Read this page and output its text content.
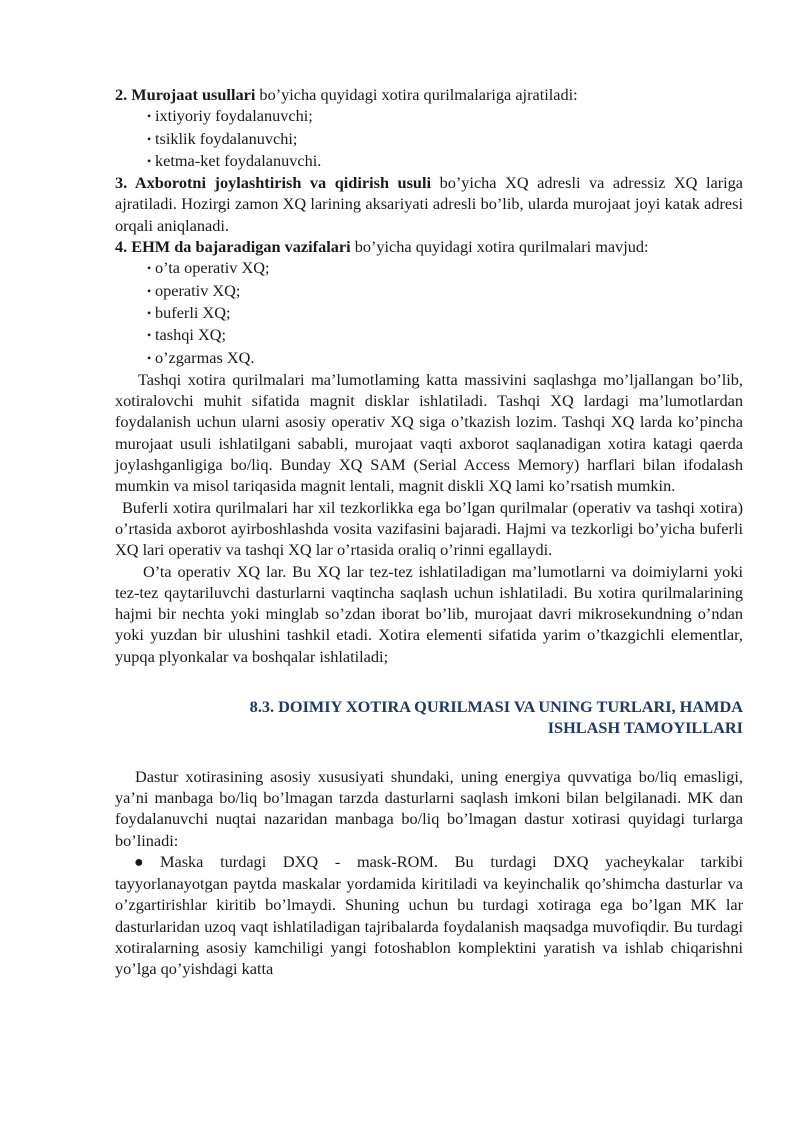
2. Murojaat usullari bo’yicha quyidagi xotira qurilmalariga ajratiladi:

• ixtiyoriy foydalanuvchi;
• tsiklik foydalanuvchi;
• ketma-ket foydalanuvchi.

3. Axborotni joylashtirish va qidirish usuli bo’yicha XQ adresli va adressiz XQ lariga ajratiladi. Hozirgi zamon XQ larining aksariyati adresli bo’lib, ularda murojaat joyi katak adresi orqali aniqlanadi.

4. EHM da bajaradigan vazifalari bo’yicha quyidagi xotira qurilmalari mavjud:

• o’ta operativ XQ;
• operativ XQ;
• buferli XQ;
• tashqi XQ;
• o’zgarmas XQ.

Tashqi xotira qurilmalari ma’lumotlaming katta massivini saqlashga mo’ljallangan bo’lib, xotiralovchi muhit sifatida magnit disklar ishlatiladi. Tashqi XQ lardagi ma’lumotlardan foydalanish uchun ularni asosiy operativ XQ siga o’tkazish lozim. Tashqi XQ larda ko’pincha murojaat usuli ishlatilgani sababli, murojaat vaqti axborot saqlanadigan xotira katagi qaerda joylashganligiga bo/liq. Bunday XQ SAM (Serial Access Memory) harflari bilan ifodalash mumkin va misol tariqasida magnit lentali, magnit diskli XQ lami ko’rsatish mumkin.

Buferli xotira qurilmalari har xil tezkorlikka ega bo’lgan qurilmalar (operativ va tashqi xotira) o’rtasida axborot ayirboshlashda vosita vazifasini bajaradi. Hajmi va tezkorligi bo’yicha buferli XQ lari operativ va tashqi XQ lar o’rtasida oraliq o’rinni egallaydi.

O’ta operativ XQ lar. Bu XQ lar tez-tez ishlatiladigan ma’lumotlarni va doimiylarni yoki tez-tez qaytariluvchi dasturlarni vaqtincha saqlash uchun ishlatiladi. Bu xotira qurilmalarining hajmi bir nechta yoki minglab so’zdan iborat bo’lib, murojaat davri mikrosekundning o’ndan yoki yuzdan bir ulushini tashkil etadi. Xotira elementi sifatida yarim o’tkazgichli elementlar, yupqa plyonkalar va boshqalar ishlatiladi;

8.3. DOIMIY XOTIRA QURILMASI VA UNING TURLARI, HAMDA
ISHLASH TAMOYILLARI

Dastur xotirasining asosiy xususiyati shundaki, uning energiya quvvatiga bo/liq emasligi, ya’ni manbaga bo/liq bo’lmagan tarzda dasturlarni saqlash imkoni bilan belgilanadi. MK dan foydalanuvchi nuqtai nazaridan manbaga bo/liq bo’lmagan dastur xotirasi quyidagi turlarga bo’linadi:

● Maska turdagi DXQ - mask-ROM. Bu turdagi DXQ yacheykalar tarkibi tayyorlanayotgan paytda maskalar yordamida kiritiladi va keyinchalik qo’shimcha dasturlar va o’zgartirishlar kiritib bo’lmaydi. Shuning uchun bu turdagi xotiraga ega bo’lgan MK lar dasturlaridan uzoq vaqt ishlatiladigan tajribalarda foydalanish maqsadga muvofiqdir. Bu turdagi xotiralarning asosiy kamchiligi yangi fotoshablon komplektini yaratish va ishlab chiqarishni yo’lga qo’yishdagi katta
